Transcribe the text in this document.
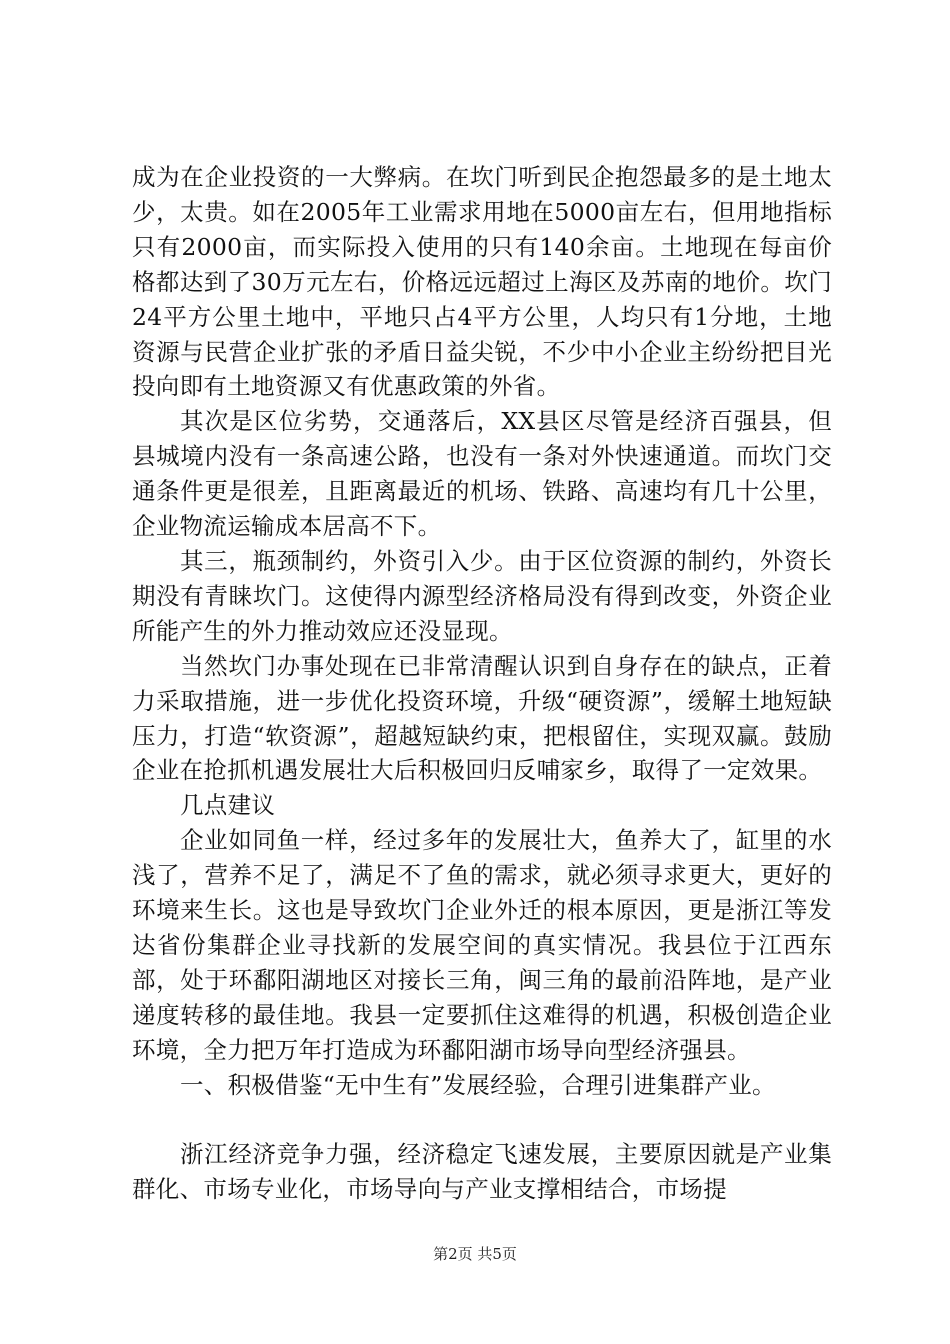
成为在企业投资的一大弊病。在坎门听到民企抱怨最多的是土地太少，太贵。如在2005年工业需求用地在5000亩左右，但用地指标只有2000亩，而实际投入使用的只有140余亩。土地现在每亩价格都达到了30万元左右，价格远远超过上海区及苏南的地价。坎门24平方公里土地中，平地只占4平方公里，人均只有1分地，土地资源与民营企业扩张的矛盾日益尖锐，不少中小企业主纷纷把目光投向即有土地资源又有优惠政策的外省。

其次是区位劣势，交通落后，XX县区尽管是经济百强县，但县城境内没有一条高速公路，也没有一条对外快速通道。而坎门交通条件更是很差，且距离最近的机场、铁路、高速均有几十公里，企业物流运输成本居高不下。

其三，瓶颈制约，外资引入少。由于区位资源的制约，外资长期没有青睐坎门。这使得内源型经济格局没有得到改变，外资企业所能产生的外力推动效应还没显现。

当然坎门办事处现在已非常清醒认识到自身存在的缺点，正着力采取措施，进一步优化投资环境，升级“硬资源”，缓解土地短缺压力，打造“软资源”，超越短缺约束，把根留住，实现双赢。鼓励企业在抢抓机遇发展壮大后积极回归反哺家乡，取得了一定效果。

几点建议

企业如同鱼一样，经过多年的发展壮大，鱼养大了，缸里的水浅了，营养不足了，满足不了鱼的需求，就必须寻求更大，更好的环境来生长。这也是导致坎门企业外迁的根本原因，更是浙江等发达省份集群企业寻找新的发展空间的真实情况。我县位于江西东部，处于环鄱阳湖地区对接长三角，闽三角的最前沿阵地，是产业递度转移的最佳地。我县一定要抓住这难得的机遇，积极创造企业环境，全力把万年打造成为环鄱阳湖市场导向型经济强县。

一、积极借鉴“无中生有”发展经验，合理引进集群产业。

浙江经济竞争力强，经济稳定飞速发展，主要原因就是产业集群化、市场专业化，市场导向与产业支撑相结合，市场提

第2页 共5页
